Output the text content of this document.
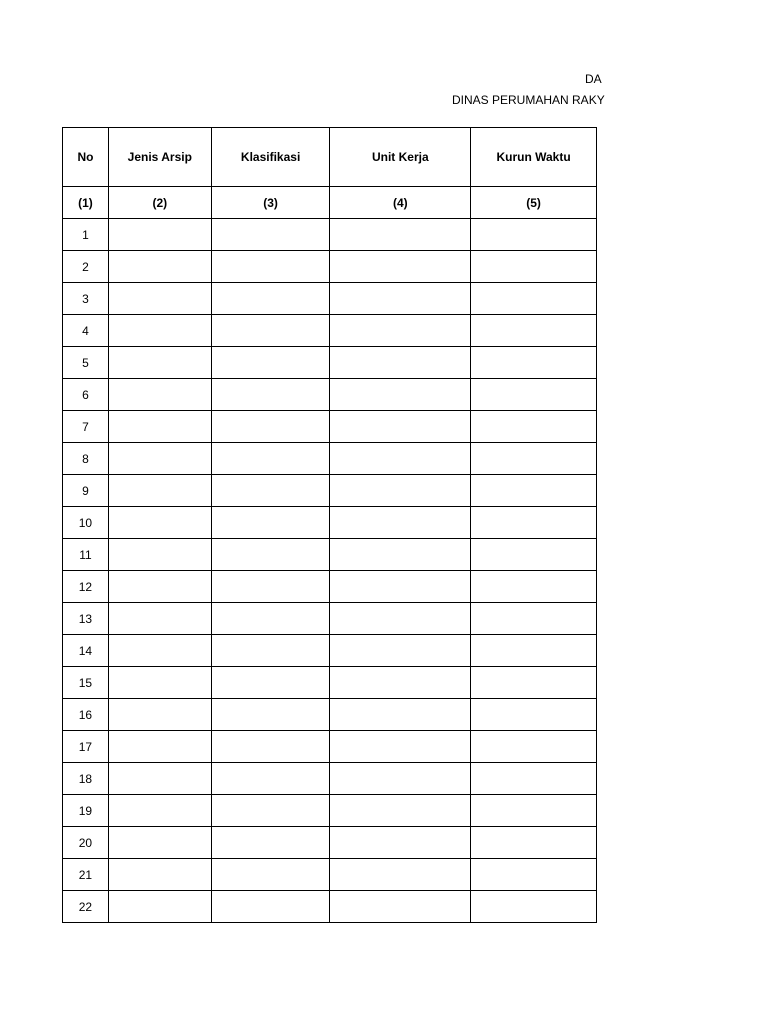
DA
DINAS PERUMAHAN RAKY
No	Jenis Arsip	Klasifikasi	Unit Kerja	Kurun Waktu
(1)	(2)	(3)	(4)	(5)
1				
2				
3				
4				
5				
6				
7				
8				
9				
10				
11				
12				
13				
14				
15				
16				
17				
18				
19				
20				
21				
22				
